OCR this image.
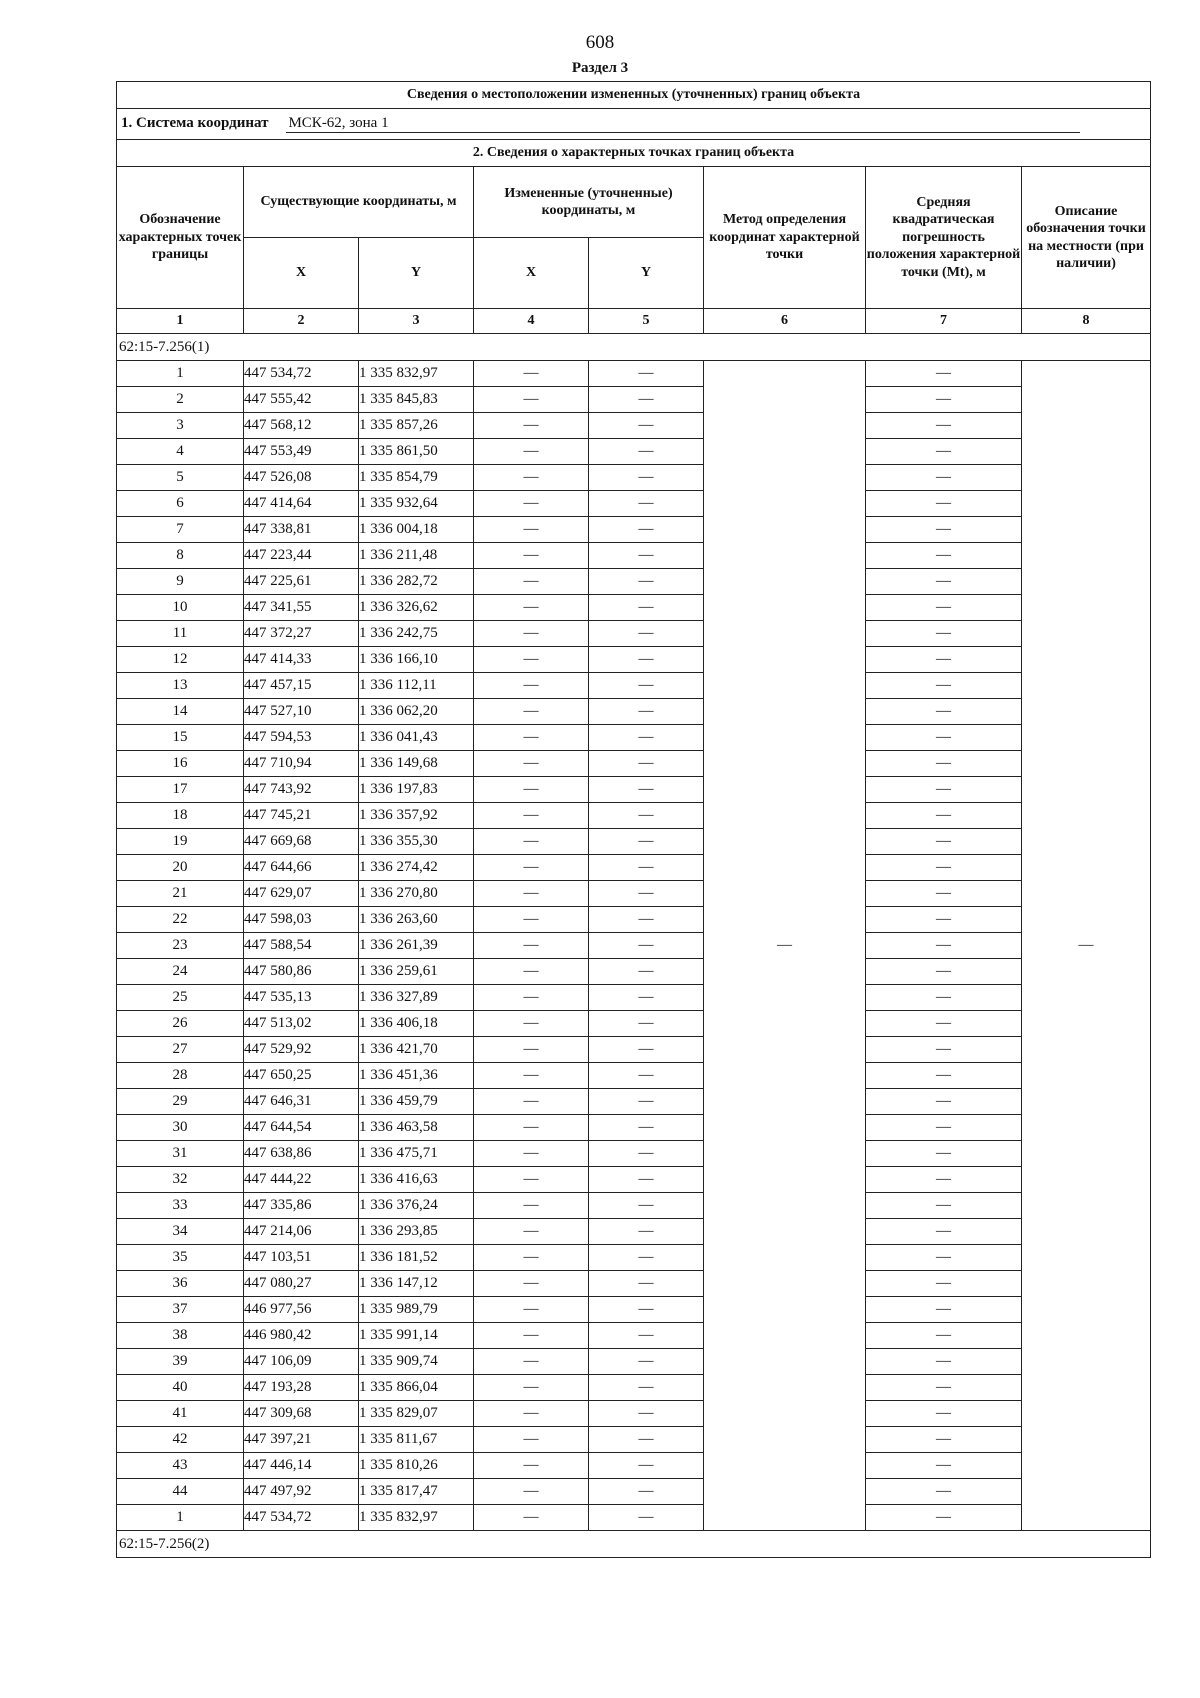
608
Раздел 3
Сведения о местоположении измененных (уточненных) границ объекта							
1. Система координат МСК-62, зона 1							
2. Сведения о характерных точках границ объекта							
Обозначение характерных точек границы	Существующие координаты, м		Измененные (уточненные) координаты, м		Метод определения координат характерной точки	Средняя квадратическая погрешность положения характерной точки (Mt), м	Описание обозначения точки на местности (при наличии)
	X	Y	X	Y			
1	2	3	4	5	6	7	8
62:15-7.256(1)							
1	447 534,72	1 335 832,97	—	—	—	—	—
2	447 555,42	1 335 845,83	—	—		—	
3	447 568,12	1 335 857,26	—	—		—	
4	447 553,49	1 335 861,50	—	—		—	
5	447 526,08	1 335 854,79	—	—		—	
6	447 414,64	1 335 932,64	—	—		—	
7	447 338,81	1 336 004,18	—	—		—	
8	447 223,44	1 336 211,48	—	—		—	
9	447 225,61	1 336 282,72	—	—		—	
10	447 341,55	1 336 326,62	—	—		—	
11	447 372,27	1 336 242,75	—	—		—	
12	447 414,33	1 336 166,10	—	—		—	
13	447 457,15	1 336 112,11	—	—		—	
14	447 527,10	1 336 062,20	—	—		—	
15	447 594,53	1 336 041,43	—	—		—	
16	447 710,94	1 336 149,68	—	—		—	
17	447 743,92	1 336 197,83	—	—		—	
18	447 745,21	1 336 357,92	—	—		—	
19	447 669,68	1 336 355,30	—	—		—	
20	447 644,66	1 336 274,42	—	—		—	
21	447 629,07	1 336 270,80	—	—		—	
22	447 598,03	1 336 263,60	—	—		—	
23	447 588,54	1 336 261,39	—	—		—	
24	447 580,86	1 336 259,61	—	—		—	
25	447 535,13	1 336 327,89	—	—		—	
26	447 513,02	1 336 406,18	—	—		—	
27	447 529,92	1 336 421,70	—	—		—	
28	447 650,25	1 336 451,36	—	—		—	
29	447 646,31	1 336 459,79	—	—		—	
30	447 644,54	1 336 463,58	—	—		—	
31	447 638,86	1 336 475,71	—	—		—	
32	447 444,22	1 336 416,63	—	—		—	
33	447 335,86	1 336 376,24	—	—		—	
34	447 214,06	1 336 293,85	—	—		—	
35	447 103,51	1 336 181,52	—	—		—	
36	447 080,27	1 336 147,12	—	—		—	
37	446 977,56	1 335 989,79	—	—		—	
38	446 980,42	1 335 991,14	—	—		—	
39	447 106,09	1 335 909,74	—	—		—	
40	447 193,28	1 335 866,04	—	—		—	
41	447 309,68	1 335 829,07	—	—		—	
42	447 397,21	1 335 811,67	—	—		—	
43	447 446,14	1 335 810,26	—	—		—	
44	447 497,92	1 335 817,47	—	—		—	
1	447 534,72	1 335 832,97	—	—		—	
62:15-7.256(2)							
